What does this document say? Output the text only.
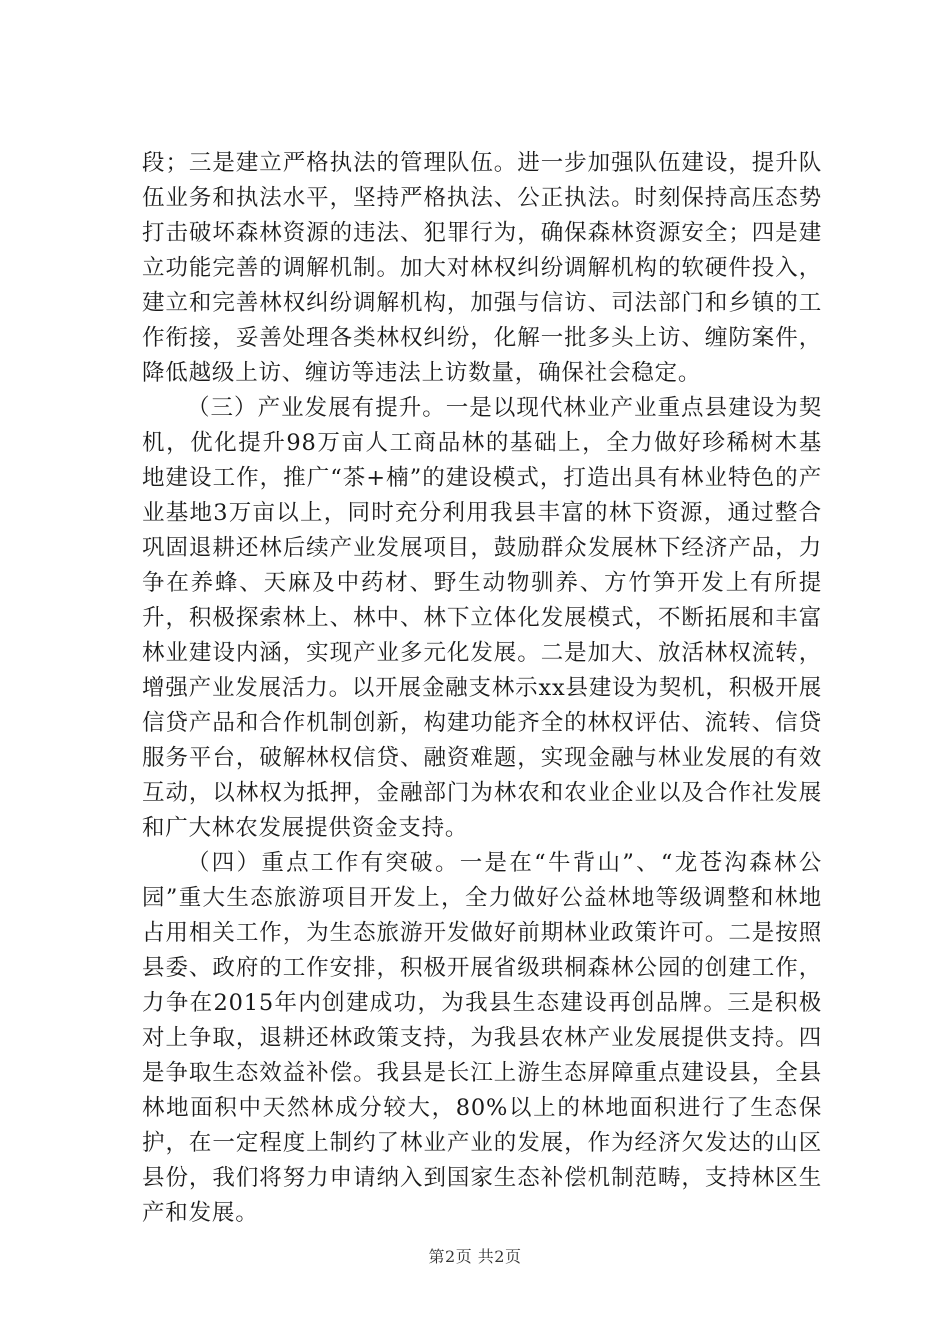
段；三是建立严格执法的管理队伍。进一步加强队伍建设，提升队伍业务和执法水平，坚持严格执法、公正执法。时刻保持高压态势打击破坏森林资源的违法、犯罪行为，确保森林资源安全；四是建立功能完善的调解机制。加大对林权纠纷调解机构的软硬件投入，建立和完善林权纠纷调解机构，加强与信访、司法部门和乡镇的工作衔接，妥善处理各类林权纠纷，化解一批多头上访、缠防案件，降低越级上访、缠访等违法上访数量，确保社会稳定。

（三）产业发展有提升。一是以现代林业产业重点县建设为契机，优化提升98万亩人工商品林的基础上，全力做好珍稀树木基地建设工作，推广“茶+楠”的建设模式，打造出具有林业特色的产业基地3万亩以上，同时充分利用我县丰富的林下资源，通过整合巩固退耕还林后续产业发展项目，鼓励群众发展林下经济产品，力争在养蜂、天麻及中药材、野生动物驯养、方竹笋开发上有所提升，积极探索林上、林中、林下立体化发展模式，不断拓展和丰富林业建设内涵，实现产业多元化发展。二是加大、放活林权流转，增强产业发展活力。以开展金融支林示xx县建设为契机，积极开展信贷产品和合作机制创新，构建功能齐全的林权评估、流转、信贷服务平台，破解林权信贷、融资难题，实现金融与林业发展的有效互动，以林权为抵押，金融部门为林农和农业企业以及合作社发展和广大林农发展提供资金支持。

（四）重点工作有突破。一是在“牛背山”、“龙苍沟森林公园”重大生态旅游项目开发上，全力做好公益林地等级调整和林地占用相关工作，为生态旅游开发做好前期林业政策许可。二是按照县委、政府的工作安排，积极开展省级珙桐森林公园的创建工作，力争在2015年内创建成功，为我县生态建设再创品牌。三是积极对上争取，退耕还林政策支持，为我县农林产业发展提供支持。四是争取生态效益补偿。我县是长江上游生态屏障重点建设县，全县林地面积中天然林成分较大，80%以上的林地面积进行了生态保护，在一定程度上制约了林业产业的发展，作为经济欠发达的山区县份，我们将努力申请纳入到国家生态补偿机制范畴，支持林区生产和发展。

第2页 共2页
